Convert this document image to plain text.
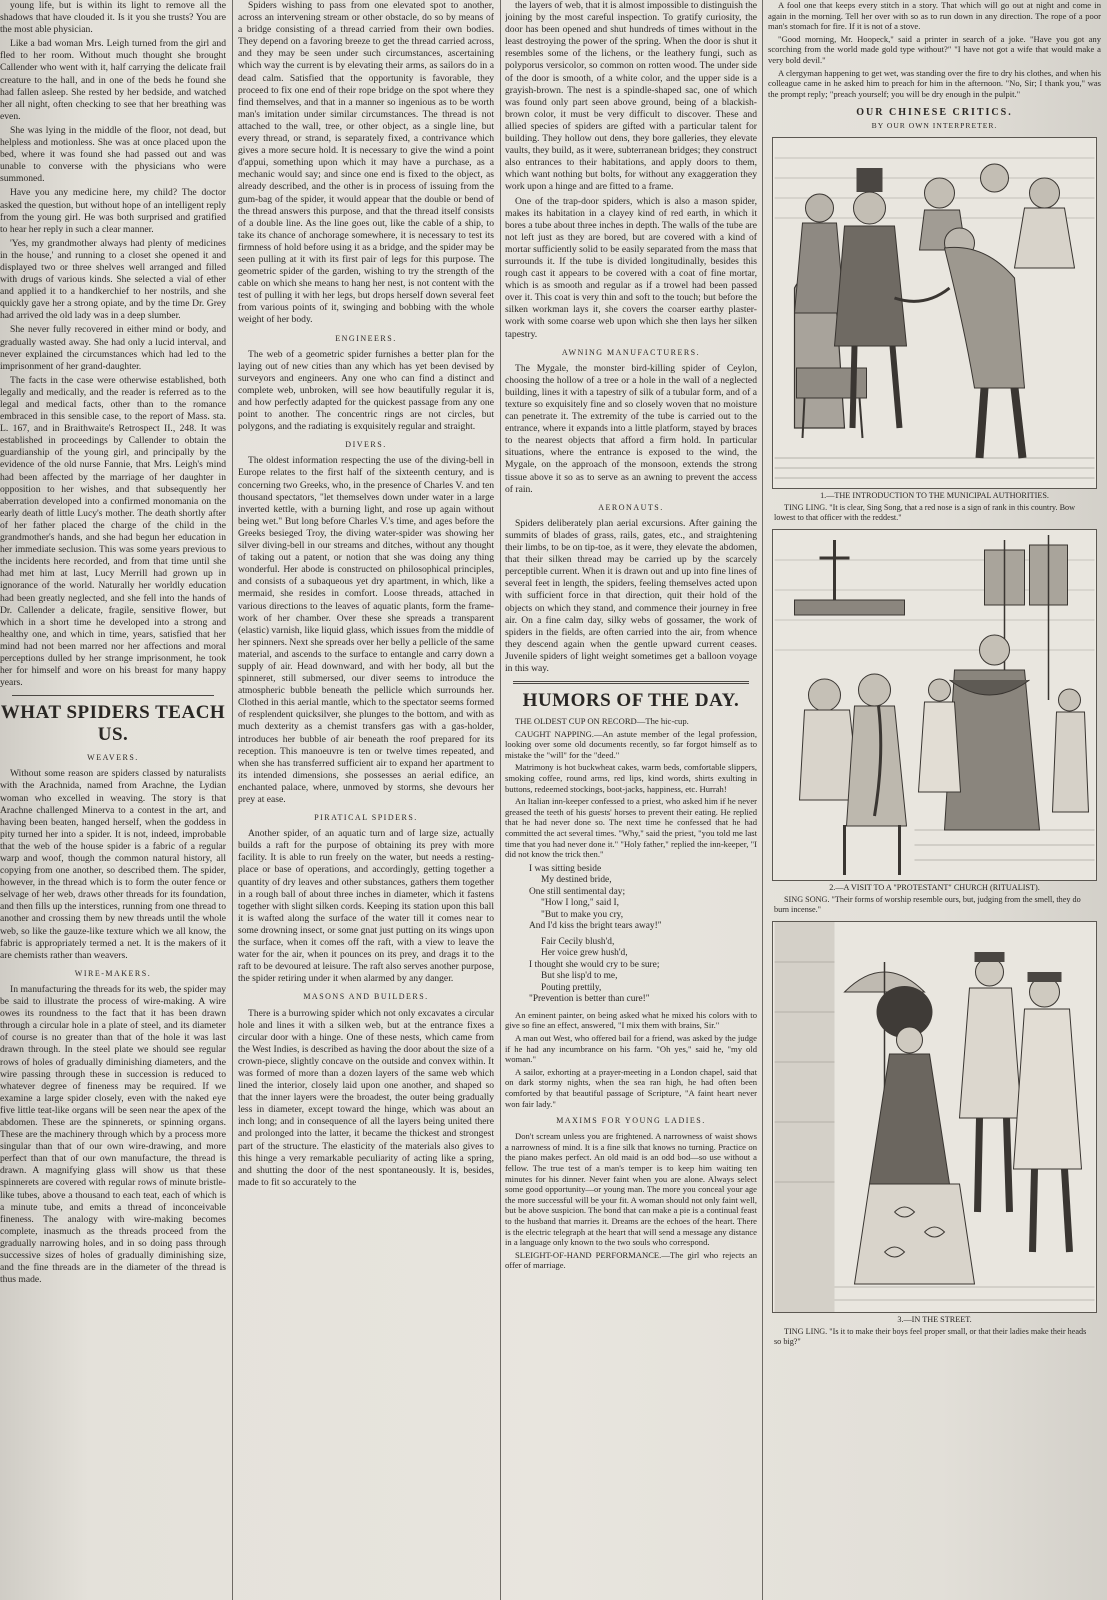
young life, but is within its light to remove all the shadows that have clouded it. Is it you she trusts? You are the most able physician.

Like a bad woman Mrs. Leigh turned from the girl and fled to her room. Without much thought she brought Callender who went with it, half carrying the delicate frail creature to the hall, and in one of the beds he found she had fallen asleep. She rested by her bedside, and watched her all night, often checking to see that her breathing was even.

She was lying in the middle of the floor, not dead, but helpless and motionless. She was at once placed upon the bed, where it was found she had passed out and was unable to converse with the physicians who were summoned.

Have you any medicine here, my child? The doctor asked the question, but without hope of an intelligent reply from the young girl. He was both surprised and gratified to hear her reply in such a clear manner.

'Yes, my grandmother always had plenty of medicines in the house,' and running to a closet she opened it and displayed two or three shelves well arranged and filled with drugs of various kinds. She selected a vial of ether and applied it to a handkerchief to her nostrils, and she quickly gave her a strong opiate, and by the time Dr. Grey had arrived the old lady was in a deep slumber.

She never fully recovered in either mind or body, and gradually wasted away. She had only a lucid interval, and never explained the circumstances which had led to the imprisonment of her grand-daughter.

The facts in the case were otherwise established, both legally and medically, and the reader is referred as to the legal and medical facts, other than to the romance embraced in this sensible case, to the report of Mass. sta. L. 167, and in Braithwaite's Retrospect II., 248. It was established in proceedings by Callender to obtain the guardianship of the young girl, and principally by the evidence of the old nurse Fannie, that Mrs. Leigh's mind had been affected by the marriage of her daughter in opposition to her wishes, and that subsequently her aberration developed into a confirmed monomania on the early death of little Lucy's mother. The death shortly after of her father placed the charge of the child in the grandmother's hands, and she had begun her education in her immediate seclusion. This was some years previous to the incidents here recorded, and from that time until she had met him at last, Lucy Merrill had grown up in ignorance of the world. Naturally her worldly education had been greatly neglected, and she fell into the hands of Dr. Callender a delicate, fragile, sensitive flower, but which in a short time he developed into a strong and healthy one, and which in time, years, satisfied that her mind had not been marred nor her affections and moral perceptions dulled by her strange imprisonment, he took her for himself and wore on his breast for many happy years.

WHAT SPIDERS TEACH US.
WEAVERS.

Without some reason are spiders classed by naturalists with the Arachnida, named from Arachne, the Lydian woman who excelled in weaving. The story is that Arachne challenged Minerva to a contest in the art, and having been beaten, hanged herself, when the goddess in pity turned her into a spider. It is not, indeed, improbable that the web of the house spider is a fabric of a regular warp and woof, though the common natural history, all copying from one another, so described them. The spider, however, in the thread which is to form the outer fence or selvage of her web, draws other threads for its foundation, and then fills up the interstices, running from one thread to another and crossing them by new threads until the whole web, so like the gauze-like texture which we all know, the fabric is appropriately termed a net. It is the makers of it are chemists rather than weavers.

WIRE-MAKERS.

In manufacturing the threads for its web, the spider may be said to illustrate the process of wire-making. A wire owes its roundness to the fact that it has been drawn through a circular hole in a plate of steel, and its diameter of course is no greater than that of the hole it was last drawn through. In the steel plate we should see regular rows of holes of gradually diminishing diameters, and the wire passing through these in succession is reduced to whatever degree of fineness may be required. If we examine a large spider closely, even with the naked eye five little teat-like organs will be seen near the apex of the abdomen. These are the spinnerets, or spinning organs. These are the machinery through which by a process more singular than that of our own wire-drawing, and more perfect than that of our own manufacture, the thread is drawn. A magnifying glass will show us that these spinnerets are covered with regular rows of minute bristle-like tubes, above a thousand to each teat, each of which is a minute tube, and emits a thread of inconceivable fineness. The analogy with wire-making becomes complete, inasmuch as the threads proceed from the gradually narrowing holes, and in so doing pass through successive sizes of holes of gradually diminishing size, and the fine threads are in the diameter of the thread is thus made.

Spiders wishing to pass from one elevated spot to another, across an intervening stream or other obstacle, do so by means of a bridge consisting of a thread carried from their own bodies. They depend on a favoring breeze to get the thread carried across, and they may be seen under such circumstances, ascertaining which way the current is by elevating their arms, as sailors do in a dead calm. Satisfied that the opportunity is favorable, they proceed to fix one end of their rope bridge on the spot where they find themselves, and that in a manner so ingenious as to be worth man's imitation under similar circumstances. The thread is not attached to the wall, tree, or other object, as a single line, but every thread, or strand, is separately fixed, a contrivance which gives a more secure hold. It is necessary to give the wind a point d'appui, something upon which it may have a purchase, as a mechanic would say; and since one end is fixed to the object, as already described, and the other is in process of issuing from the gum-bag of the spider, it would appear that the double or bend of the thread answers this purpose, and that the thread itself consists of a double line. As the line goes out, like the cable of a ship, to take its chance of anchorage somewhere, it is necessary to test its firmness of hold before using it as a bridge, and the spider may be seen pulling at it with its first pair of legs for this purpose. The geometric spider of the garden, wishing to try the strength of the cable on which she means to hang her nest, is not content with the test of pulling it with her legs, but drops herself down several feet from various points of it, swinging and bobbing with the whole weight of her body.

ENGINEERS.

The web of a geometric spider furnishes a better plan for the laying out of new cities than any which has yet been devised by surveyors and engineers. Any one who can find a distinct and complete web, unbroken, will see how beautifully regular it is, and how perfectly adapted for the quickest passage from any one point to another. The concentric rings are not circles, but polygons, and the radiating is exquisitely regular and straight.

DIVERS.

The oldest information respecting the use of the diving-bell in Europe relates to the first half of the sixteenth century, and is concerning two Greeks, who, in the presence of Charles V. and ten thousand spectators, "let themselves down under water in a large inverted kettle, with a burning light, and rose up again without being wet." But long before Charles V.'s time, and ages before the Greeks besieged Troy, the diving water-spider was showing her silver diving-bell in our streams and ditches, without any thought of taking out a patent, or notion that she was doing any thing wonderful. Her abode is constructed on philosophical principles, and consists of a subaqueous yet dry apartment, in which, like a mermaid, she resides in comfort. Loose threads, attached in various directions to the leaves of aquatic plants, form the frame-work of her chamber. Over these she spreads a transparent (elastic) varnish, like liquid glass, which issues from the middle of her spinners. Next she spreads over her belly a pellicle of the same material, and ascends to the surface to entangle and carry down a supply of air. Head downward, and with her body, all but the spinneret, still submersed, our diver seems to introduce the atmospheric bubble beneath the pellicle which surrounds her. Clothed in this aerial mantle, which to the spectator seems formed of resplendent quicksilver, she plunges to the bottom, and with as much dexterity as a chemist transfers gas with a gas-holder, introduces her bubble of air beneath the roof prepared for its reception. This manoeuvre is ten or twelve times repeated, and when she has transferred sufficient air to expand her apartment to its intended dimensions, she possesses an aerial edifice, an enchanted palace, where, unmoved by storms, she devours her prey at ease.

PIRATICAL SPIDERS.

Another spider, of an aquatic turn and of large size, actually builds a raft for the purpose of obtaining its prey with more facility. It is able to run freely on the water, but needs a resting-place or base of operations, and accordingly, getting together a quantity of dry leaves and other substances, gathers them together in a rough ball of about three inches in diameter, which it fastens together with slight silken cords. Keeping its station upon this ball it is wafted along the surface of the water till it comes near to some drowning insect, or some gnat just putting on its wings upon the surface, when it comes off the raft, with a view to leave the water for the air, when it pounces on its prey, and drags it to the raft to be devoured at leisure. The raft also serves another purpose, the spider retiring under it when alarmed by any danger.

MASONS AND BUILDERS.

There is a burrowing spider which not only excavates a circular hole and lines it with a silken web, but at the entrance fixes a circular door with a hinge. One of these nests, which came from the West Indies, is described as having the door about the size of a crown-piece, slightly concave on the outside and convex within. It was formed of more than a dozen layers of the same web which lined the interior, closely laid upon one another, and shaped so that the inner layers were the broadest, the outer being gradually less in diameter, except toward the hinge, which was about an inch long; and in consequence of all the layers being united there and prolonged into the latter, it became the thickest and strongest part of the structure. The elasticity of the materials also gives to this hinge a very remarkable peculiarity of acting like a spring, and shutting the door of the nest spontaneously. It is, besides, made to fit so accurately to the

the layers of web, that it is almost impossible to distinguish the joining by the most careful inspection. To gratify curiosity, the door has been opened and shut hundreds of times without in the least destroying the power of the spring. When the door is shut it resembles some of the lichens, or the leathery fungi, such as polyporus versicolor, so common on rotten wood. The under side of the door is smooth, of a white color, and the upper side is a grayish-brown. The nest is a spindle-shaped sac, one of which was found only part seen above ground, being of a blackish-brown color, it must be very difficult to discover. These and allied species of spiders are gifted with a particular talent for building. They hollow out dens, they bore galleries, they elevate vaults, they build, as it were, subterranean bridges; they construct also entrances to their habitations, and apply doors to them, which want nothing but bolts, for without any exaggeration they work upon a hinge and are fitted to a frame.

One of the trap-door spiders, which is also a mason spider, makes its habitation in a clayey kind of red earth, in which it bores a tube about three inches in depth. The walls of the tube are not left just as they are bored, but are covered with a kind of mortar sufficiently solid to be easily separated from the mass that surrounds it. If the tube is divided longitudinally, besides this rough cast it appears to be covered with a coat of fine mortar, which is as smooth and regular as if a trowel had been passed over it. This coat is very thin and soft to the touch; but before the silken workman lays it, she covers the coarser earthy plaster-work with some coarse web upon which she then lays her silken tapestry.

AWNING MANUFACTURERS.

The Mygale, the monster bird-killing spider of Ceylon, choosing the hollow of a tree or a hole in the wall of a neglected building, lines it with a tapestry of silk of a tubular form, and of a texture so exquisitely fine and so closely woven that no moisture can penetrate it. The extremity of the tube is carried out to the entrance, where it expands into a little platform, stayed by braces to the nearest objects that afford a firm hold. In particular situations, where the entrance is exposed to the wind, the Mygale, on the approach of the monsoon, extends the strong tissue above it so as to serve as an awning to prevent the access of rain.

AERONAUTS.

Spiders deliberately plan aerial excursions. After gaining the summits of blades of grass, rails, gates, etc., and straightening their limbs, to be on tip-toe, as it were, they elevate the abdomen, that their silken thread may be carried up by the scarcely perceptible current. When it is drawn out and up into fine lines of several feet in length, the spiders, feeling themselves acted upon with sufficient force in that direction, quit their hold of the objects on which they stand, and commence their journey in free air. On a fine calm day, silky webs of gossamer, the work of spiders in the fields, are often carried into the air, from whence they descend again when the gentle upward current ceases. Juvenile spiders of light weight sometimes get a balloon voyage in this way.

HUMORS OF THE DAY.

THE OLDEST CUP ON RECORD—The hic-cup.

CAUGHT NAPPING.—An astute member of the legal profession, looking over some old documents recently, so far forgot himself as to mistake the "will" for the "deed."

Matrimony is hot buckwheat cakes, warm beds, comfortable slippers, smoking coffee, round arms, red lips, kind words, shirts exulting in buttons, redeemed stockings, boot-jacks, happiness, etc. Hurrah!

An Italian inn-keeper confessed to a priest, who asked him if he never greased the teeth of his guests' horses to prevent their eating. He replied that he had never done so. The next time he confessed that he had committed the act several times. "Why," said the priest, "you told me last time that you had never done it." "Holy father," replied the inn-keeper, "I did not know the trick then."

I was sitting beside
My destined bride,
One still sentimental day;
"How I long," said I,
"But to make you cry,
And I'd kiss the bright tears away!"
Fair Cecily blush'd,
Her voice grew hush'd,
I thought she would cry to be sure;
But she lisp'd to me,
Pouting prettily,
"Prevention is better than cure!"

An eminent painter, on being asked what he mixed his colors with to give so fine an effect, answered, "I mix them with brains, Sir."

A man out West, who offered bail for a friend, was asked by the judge if he had any incumbrance on his farm. "Oh yes," said he, "my old woman."

A sailor, exhorting at a prayer-meeting in a London chapel, said that on dark stormy nights, when the sea ran high, he had often been comforted by that beautiful passage of Scripture, "A faint heart never won fair lady."

MAXIMS FOR YOUNG LADIES.

Don't scream unless you are frightened. A narrowness of waist shows a narrowness of mind. It is a fine silk that knows no turning. Practice on the piano makes perfect. An old maid is an odd bod—so use without a fellow. The true test of a man's temper is to keep him waiting ten minutes for his dinner. Never faint when you are alone. Always select some good opportunity—or young man. The more you conceal your age the more successful will be your fit. A woman should not only faint well, but be above suspicion. The bond that can make a pie is a continual feast to the husband that marries it. Dreams are the echoes of the heart. There is the electric telegraph at the heart that will send a message any distance in a language only known to the two souls who correspond.

SLEIGHT-OF-HAND PERFORMANCE.—The girl who rejects an offer of marriage.

A fool one that keeps every stitch in a story. That which will go out at night and come in again in the morning. Tell her over with so as to run down in any direction. The rope of a poor man's stomach for fire. If it is not of a stove.

"Good morning, Mr. Hoopeck," said a printer in search of a joke. "Have you got any scorching from the world made gold type without?" "I have not got a wife that would make a very bold devil."

A clergyman happening to get wet, was standing over the fire to dry his clothes, and when his colleague came in he asked him to preach for him in the afternoon. "No, Sir; I thank you," was the prompt reply; "preach yourself; you will be dry enough in the pulpit."

OUR CHINESE CRITICS.
BY OUR OWN INTERPRETER.
1.—THE INTRODUCTION TO THE MUNICIPAL AUTHORITIES.
TING LING. "It is clear, Sing Song, that a red nose is a sign of rank in this country. Bow lowest to that officer with the reddest."
2.—A VISIT TO A "PROTESTANT" CHURCH (RITUALIST).
SING SONG. "Their forms of worship resemble ours, but, judging from the smell, they do burn incense."
3.—IN THE STREET.
TING LING. "Is it to make their boys feel proper small, or that their ladies make their heads so big?"
